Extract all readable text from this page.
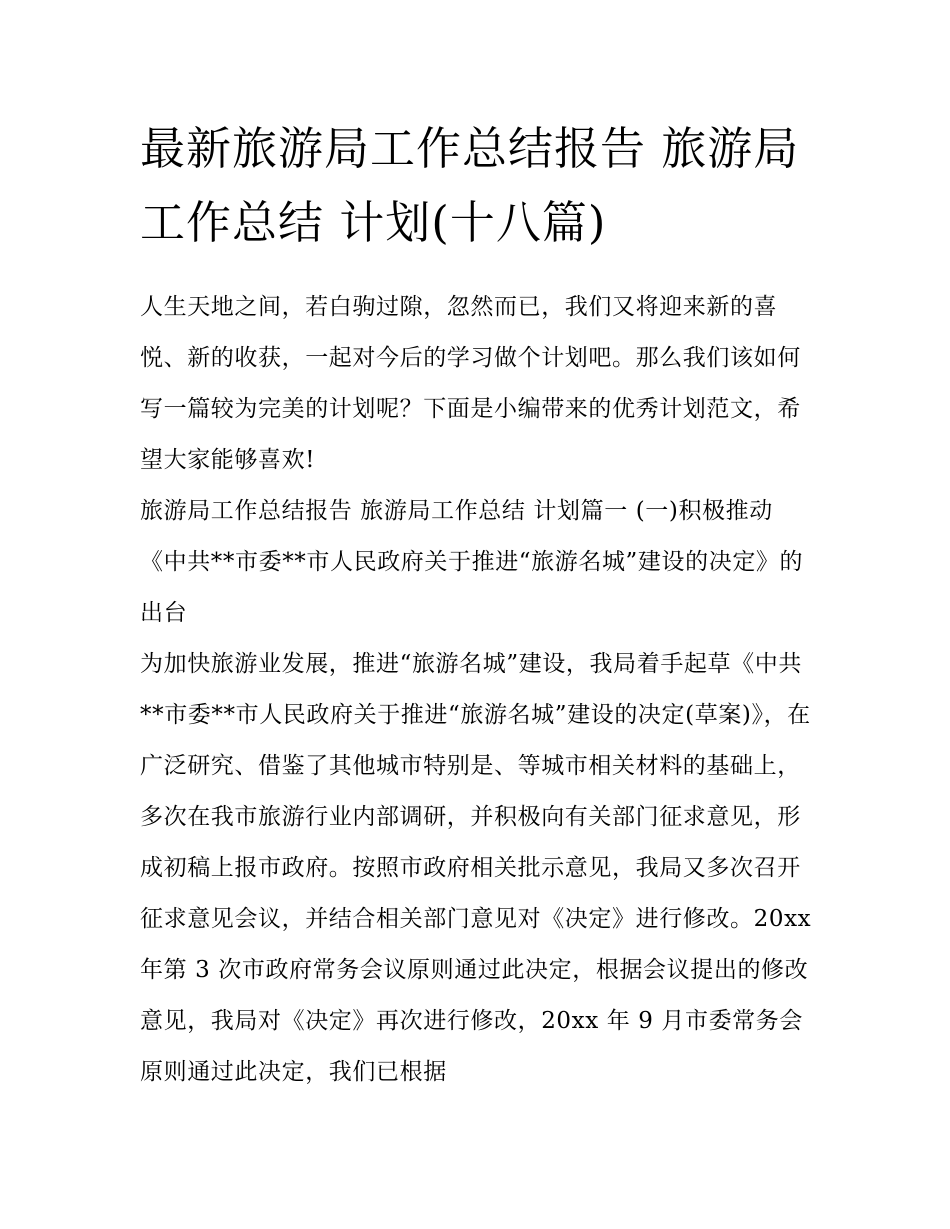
最新旅游局工作总结报告 旅游局工作总结 计划(十八篇)

人生天地之间，若白驹过隙，忽然而已，我们又将迎来新的喜悦、新的收获，一起对今后的学习做个计划吧。那么我们该如何写一篇较为完美的计划呢？下面是小编带来的优秀计划范文，希望大家能够喜欢!

旅游局工作总结报告 旅游局工作总结 计划篇一 (一)积极推动《中共**市委**市人民政府关于推进“旅游名城”建设的决定》的出台

为加快旅游业发展，推进“旅游名城”建设，我局着手起草《中共**市委**市人民政府关于推进“旅游名城”建设的决定(草案)》，在广泛研究、借鉴了其他城市特别是、等城市相关材料的基础上，多次在我市旅游行业内部调研，并积极向有关部门征求意见，形成初稿上报市政府。按照市政府相关批示意见，我局又多次召开征求意见会议，并结合相关部门意见对《决定》进行修改。20xx 年第 3 次市政府常务会议原则通过此决定，根据会议提出的修改意见，我局对《决定》再次进行修改，20xx 年 9 月市委常务会原则通过此决定，我们已根据
